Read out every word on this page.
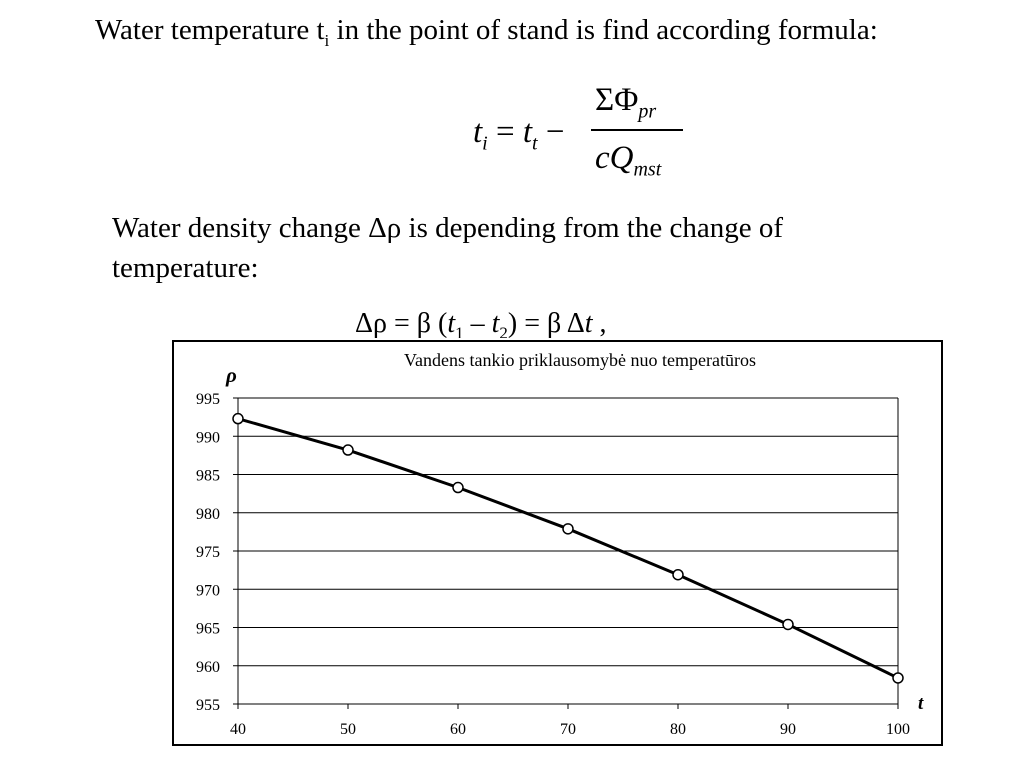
Water temperature $t_i$ in the point of stand is find according formula:
$t_i = t_t$ −
$\Sigma\Phi_{pr}$
$cQ_{mst}$
Water density change Δρ is depending from the change of temperature:
Δρ = β $(t_1 - t_2) = \beta$ Δt ,
Vandens tankio priklausomybė nuo temperatūros
ρ
t
955
960
965
970
975
980
985
990
995
40	50	60	70	80	90	100
